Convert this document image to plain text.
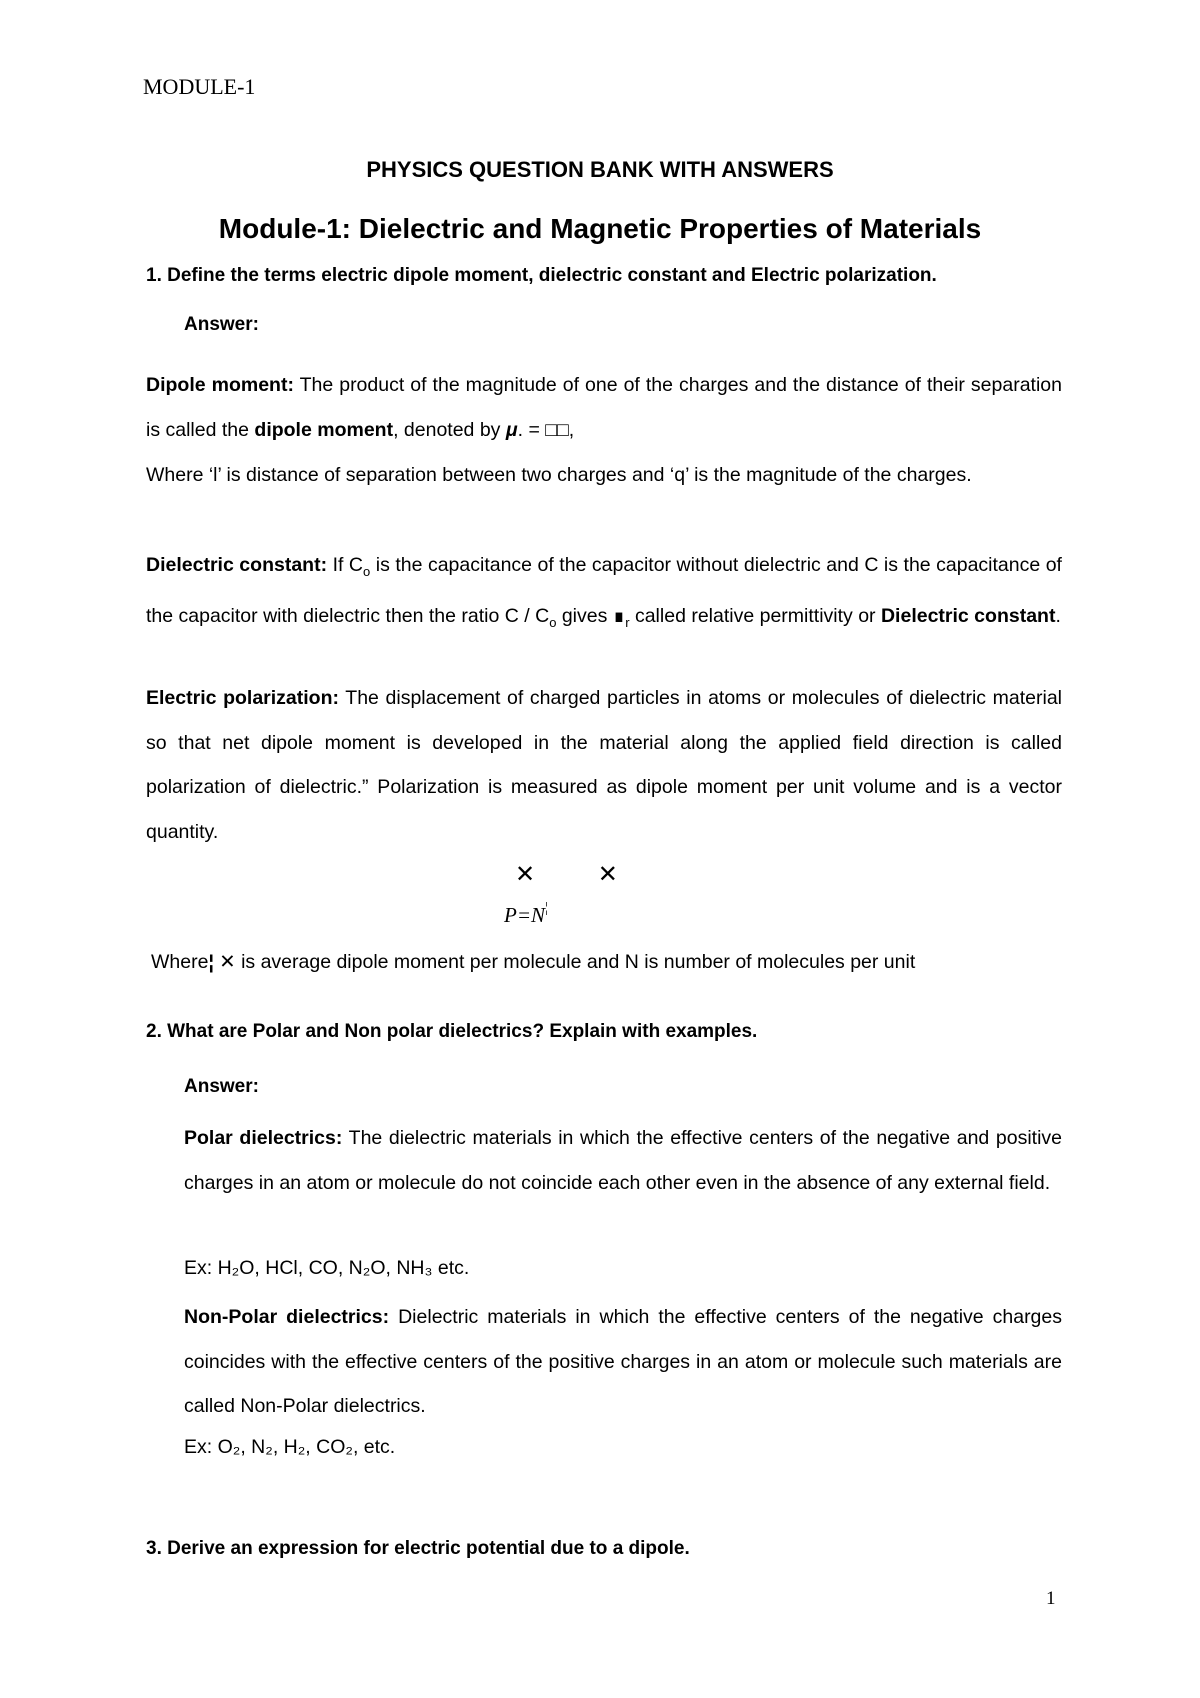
MODULE-1
PHYSICS QUESTION BANK WITH ANSWERS
Module-1: Dielectric and Magnetic Properties of Materials
1. Define the terms electric dipole moment, dielectric constant and Electric polarization.
Answer:
Dipole moment: The product of the magnitude of one of the charges and the distance of their separation is called the dipole moment, denoted by μ. = □□,
Where ‘l’ is distance of separation between two charges and ‘q’ is the magnitude of the charges.
Dielectric constant: If $C_o$ is the capacitance of the capacitor without dielectric and C is the capacitance of the capacitor with dielectric then the ratio C / $C_o$ gives $∎_r$ called relative permittivity or Dielectric constant.
Electric polarization: The displacement of charged particles in atoms or molecules of dielectric material so that net dipole moment is developed in the material along the applied field direction is called polarization of dielectric.” Polarization is measured as dipole moment per unit volume and is a vector quantity.
✕ ✕
P=N¦
Where¦ ✕ is average dipole moment per molecule and N is number of molecules per unit
2. What are Polar and Non polar dielectrics? Explain with examples.
Answer:
Polar dielectrics: The dielectric materials in which the effective centers of the negative and positive charges in an atom or molecule do not coincide each other even in the absence of any external field.
Ex: H₂O, HCl, CO, N₂O, NH₃ etc.
Non-Polar dielectrics: Dielectric materials in which the effective centers of the negative charges coincides with the effective centers of the positive charges in an atom or molecule such materials are called Non-Polar dielectrics.
Ex: O₂, N₂, H₂, CO₂, etc.
3. Derive an expression for electric potential due to a dipole.
1
